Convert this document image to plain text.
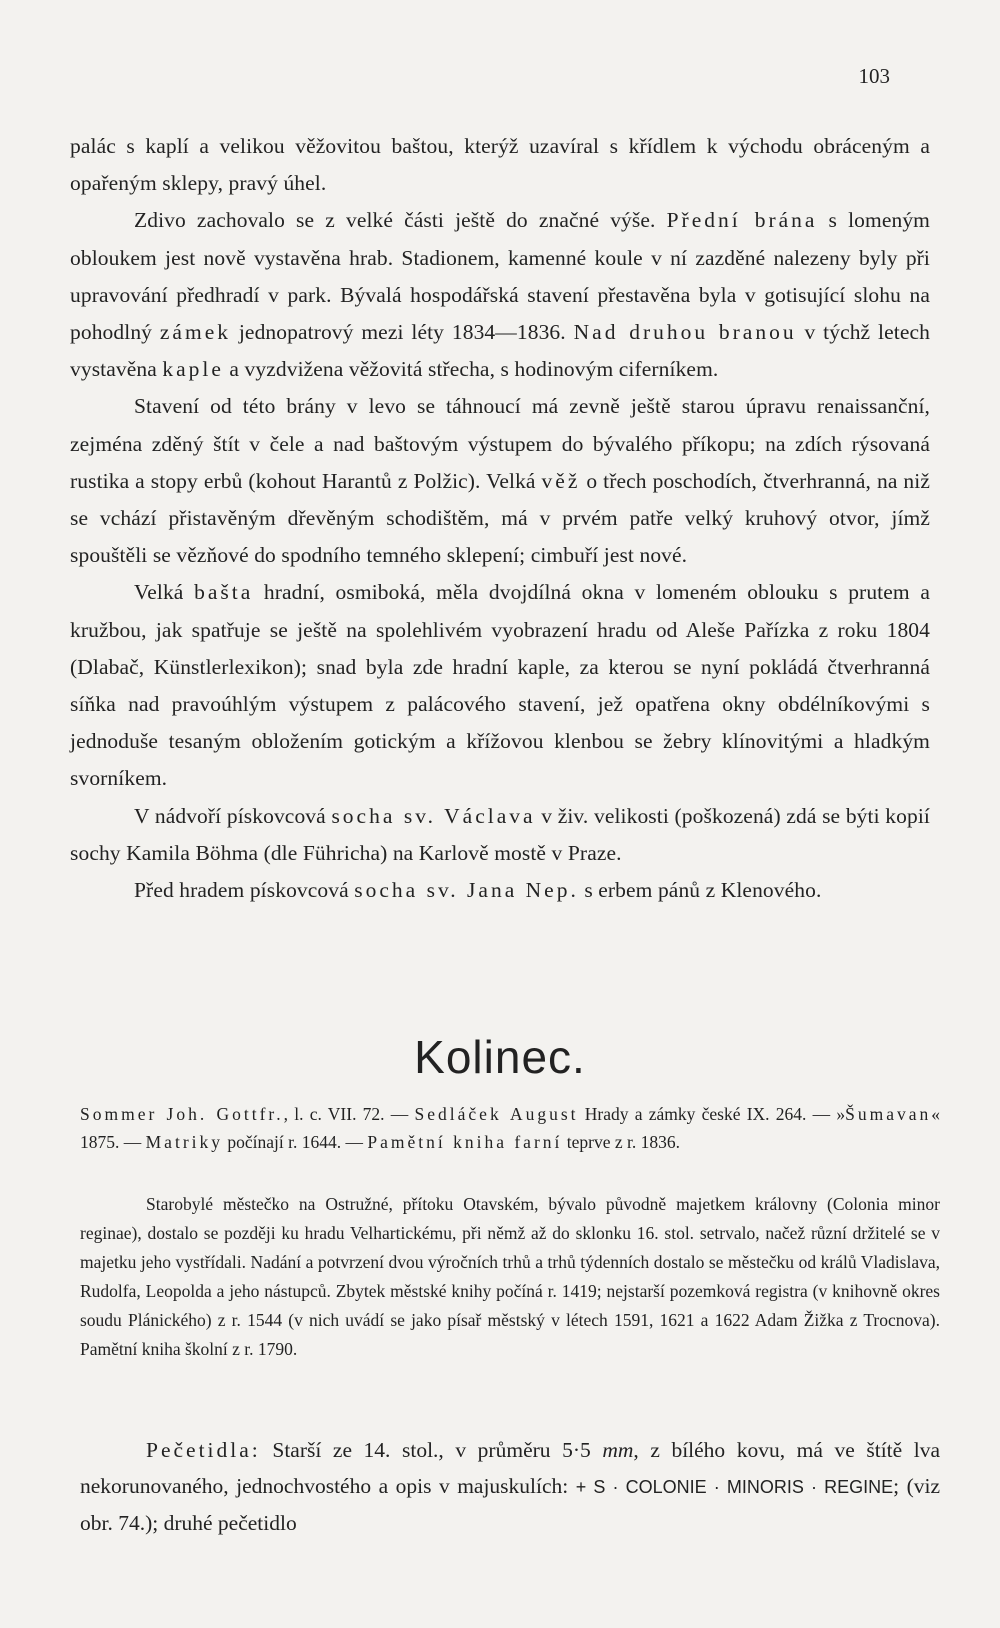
103

palác s kaplí a velikou věžovitou baštou, kterýž uzavíral s křídlem k východu obráceným a opařeným sklepy, pravý úhel.

Zdivo zachovalo se z velké části ještě do značné výše. Přední brána s lomeným obloukem jest nově vystavěna hrab. Stadionem, kamenné koule v ní zazděné nalezeny byly při upravování předhradí v park. Bývalá hospodářská stavení přestavěna byla v gotisující slohu na pohodlný zámek jednopatrový mezi léty 1834—1836. Nad druhou branou v týchž letech vystavěna kaple a vyzdvižena věžovitá střecha, s hodinovým ciferníkem.

Stavení od této brány v levo se táhnoucí má zevně ještě starou úpravu renaissanční, zejména zděný štít v čele a nad baštovým výstupem do bývalého příkopu; na zdích rýsovaná rustika a stopy erbů (kohout Harantů z Polžic). Velká věž o třech poschodích, čtverhranná, na niž se vchází přistavěným dřevěným schodištěm, má v prvém patře velký kruhový otvor, jímž spouštěli se vězňové do spodního temného sklepení; cimbuří jest nové.

Velká bašta hradní, osmiboká, měla dvojdílná okna v lomeném oblouku s prutem a kružbou, jak spatřuje se ještě na spolehlivém vyobrazení hradu od Aleše Pařízka z roku 1804 (Dlabač, Künstlerlexikon); snad byla zde hradní kaple, za kterou se nyní pokládá čtverhranná síňka nad pravoúhlým výstupem z palácového stavení, jež opatřena okny obdélníkovými s jednoduše tesaným obložením gotickým a křížovou klenbou se žebry klínovitými a hladkým svorníkem.

V nádvoří pískovcová socha sv. Václava v živ. velikosti (poškozená) zdá se býti kopií sochy Kamila Böhma (dle Führicha) na Karlově mostě v Praze.

Před hradem pískovcová socha sv. Jana Nep. s erbem pánů z Klenového.

Kolinec.

Sommer Joh. Gottfr., l. c. VII. 72. — Sedláček August Hrady a zámky české IX. 264. — »Šumavan« 1875. — Matriky počínají r. 1644. — Pamětní kniha farní teprve z r. 1836.

Starobylé městečko na Ostružné, přítoku Otavském, bývalo původně majetkem královny (Colonia minor reginae), dostalo se později ku hradu Velhartickému, při němž až do sklonku 16. stol. setrvalo, načež různí držitelé se v majetku jeho vystřídali. Nadání a potvrzení dvou výročních trhů a trhů týdenních dostalo se městečku od králů Vladislava, Rudolfa, Leopolda a jeho nástupců. Zbytek městské knihy počíná r. 1419; nejstarší pozemková registra (v knihovně okres soudu Plánického) z r. 1544 (v nich uvádí se jako písař městský v létech 1591, 1621 a 1622 Adam Žižka z Trocnova). Pamětní kniha školní z r. 1790.

Pečetidla: Starší ze 14. stol., v průměru 5·5 mm, z bílého kovu, má ve štítě lva nekorunovaného, jednochvostého a opis v majuskulích: + S · COLONIE · MINORIS · REGINE; (viz obr. 74.); druhé pečetidlo
